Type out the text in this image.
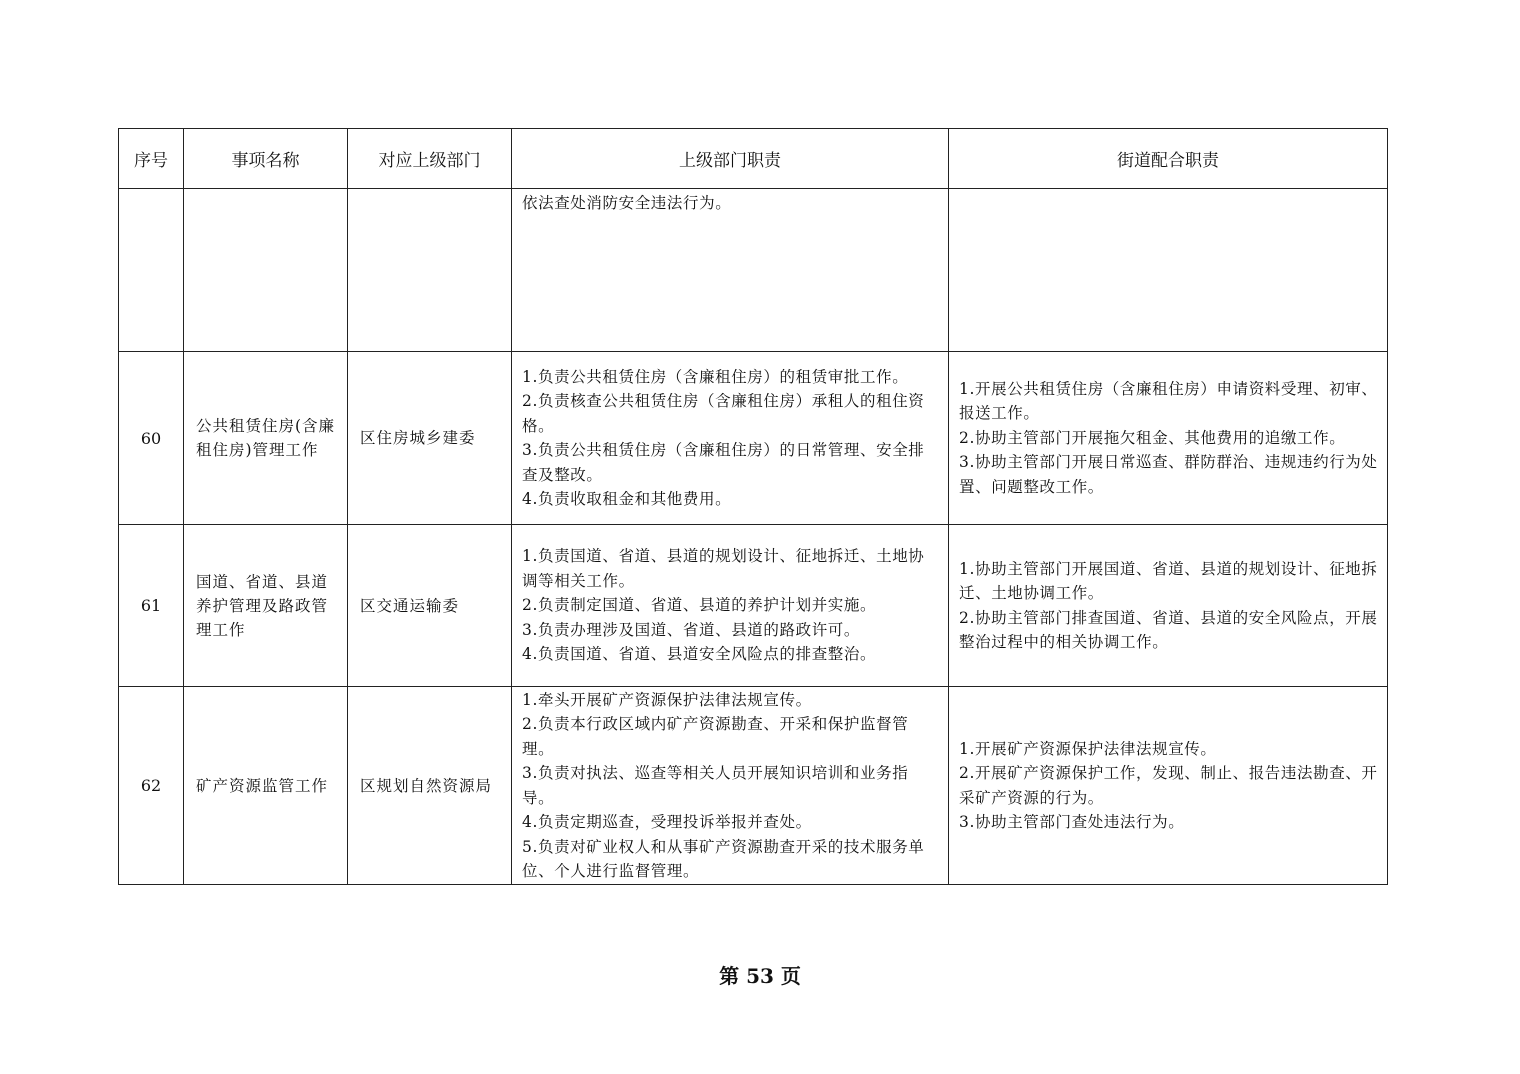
序号	事项名称	对应上级部门	上级部门职责	街道配合职责

			依法查处消防安全违法行为。	

60	公共租赁住房(含廉租住房)管理工作	区住房城乡建委	1.负责公共租赁住房（含廉租住房）的租赁审批工作。
2.负责核查公共租赁住房（含廉租住房）承租人的租住资格。
3.负责公共租赁住房（含廉租住房）的日常管理、安全排查及整改。
4.负责收取租金和其他费用。	1.开展公共租赁住房（含廉租住房）申请资料受理、初审、报送工作。
2.协助主管部门开展拖欠租金、其他费用的追缴工作。
3.协助主管部门开展日常巡查、群防群治、违规违约行为处置、问题整改工作。

61	国道、省道、县道养护管理及路政管理工作	区交通运输委	1.负责国道、省道、县道的规划设计、征地拆迁、土地协调等相关工作。
2.负责制定国道、省道、县道的养护计划并实施。
3.负责办理涉及国道、省道、县道的路政许可。
4.负责国道、省道、县道安全风险点的排查整治。	1.协助主管部门开展国道、省道、县道的规划设计、征地拆迁、土地协调工作。
2.协助主管部门排查国道、省道、县道的安全风险点，开展整治过程中的相关协调工作。

62	矿产资源监管工作	区规划自然资源局	1.牵头开展矿产资源保护法律法规宣传。
2.负责本行政区域内矿产资源勘查、开采和保护监督管理。
3.负责对执法、巡查等相关人员开展知识培训和业务指导。
4.负责定期巡查，受理投诉举报并查处。
5.负责对矿业权人和从事矿产资源勘查开采的技术服务单位、个人进行监督管理。	1.开展矿产资源保护法律法规宣传。
2.开展矿产资源保护工作，发现、制止、报告违法勘查、开采矿产资源的行为。
3.协助主管部门查处违法行为。
第 53 页
